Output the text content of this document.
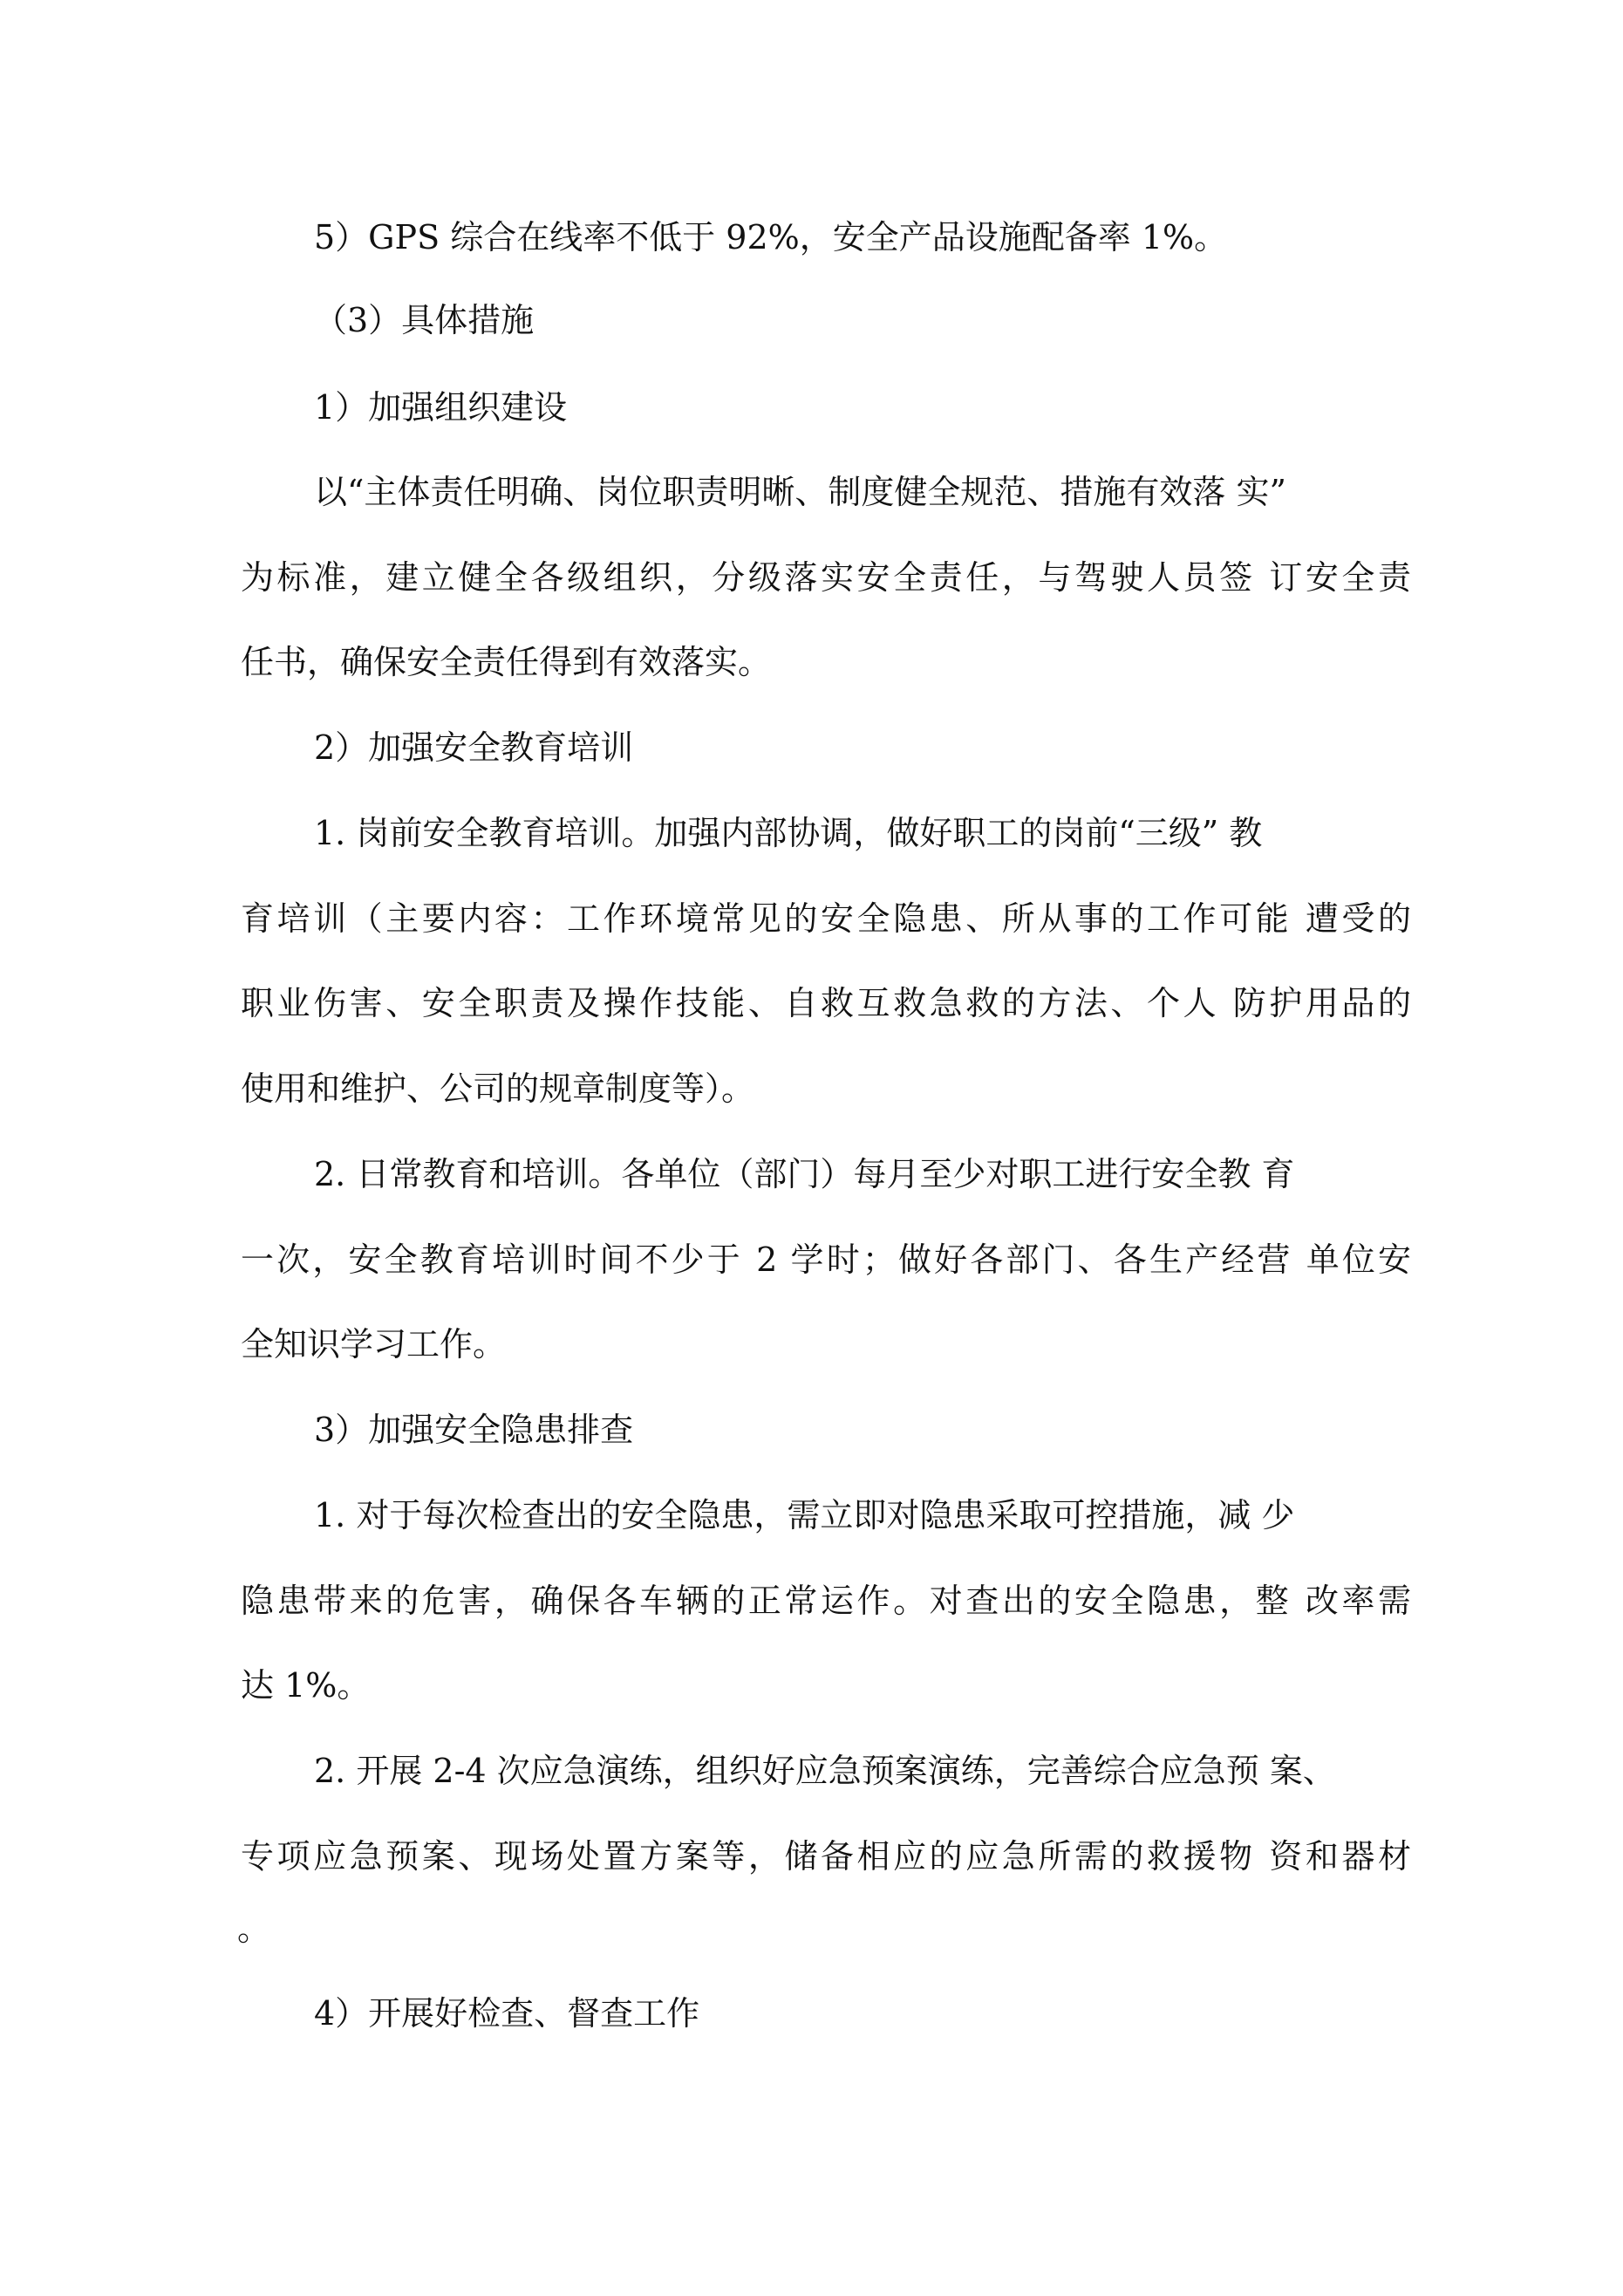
5）GPS 综合在线率不低于 92%，安全产品设施配备率 1%。
（3）具体措施
1）加强组织建设
以“主体责任明确、岗位职责明晰、制度健全规范、措施有效落 实”
为标准，建立健全各级组织，分级落实安全责任，与驾驶人员签 订安全责
任书，确保安全责任得到有效落实。
2）加强安全教育培训
1. 岗前安全教育培训。加强内部协调，做好职工的岗前“三级” 教
育培训（主要内容：工作环境常见的安全隐患、所从事的工作可能 遭受的
职业伤害、安全职责及操作技能、自救互救急救的方法、个人 防护用品的
使用和维护、公司的规章制度等）。
2. 日常教育和培训。各单位（部门）每月至少对职工进行安全教 育
一次，安全教育培训时间不少于 2 学时；做好各部门、各生产经营 单位安
全知识学习工作。
3）加强安全隐患排查
1. 对于每次检查出的安全隐患，需立即对隐患采取可控措施，减 少
隐患带来的危害，确保各车辆的正常运作。对查出的安全隐患，整 改率需
达 1%。
2. 开展 2-4 次应急演练，组织好应急预案演练，完善综合应急预 案、
专项应急预案、现场处置方案等，储备相应的应急所需的救援物 资和器材
。
4）开展好检查、督查工作
